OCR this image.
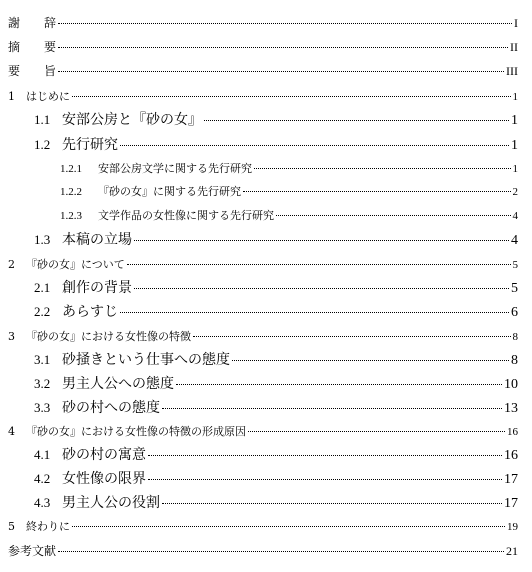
謝　　辞	I
摘　　要	II
要　　旨	III
1	はじめに	1
1.1 安部公房と『砂の女』	1
1.2 先行研究	1
1.2.1	安部公房文学に関する先行研究	1
1.2.2	『砂の女』に関する先行研究	2
1.2.3	文学作品の女性像に関する先行研究	4
1.3 本稿の立場	4
2	『砂の女』について	5
2.1 創作の背景	5
2.2 あらすじ	6
3	『砂の女』における女性像の特徴	8
3.1 砂掻きという仕事への態度	8
3.2 男主人公への態度	10
3.3 砂の村への態度	13
4	『砂の女』における女性像の特徴の形成原因	16
4.1 砂の村の寓意	16
4.2 女性像の限界	17
4.3 男主人公の役割	17
5	終わりに	19
参考文献	21
